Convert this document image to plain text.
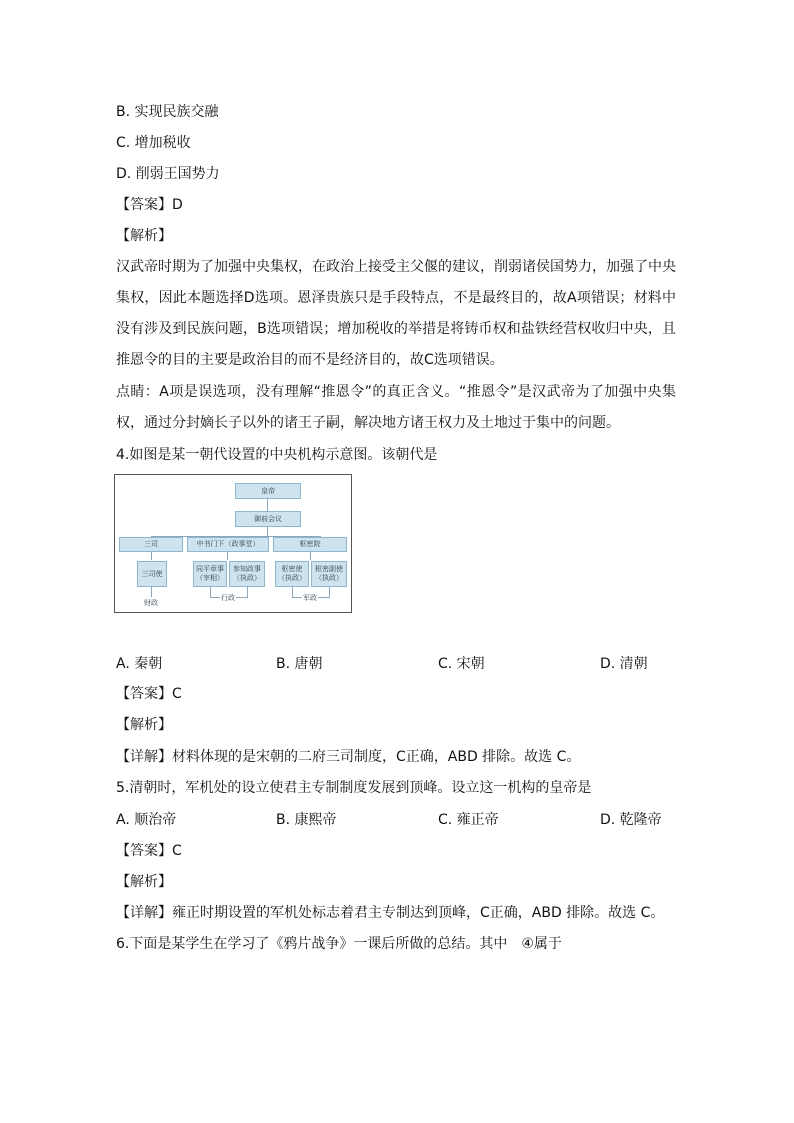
B. 实现民族交融
C. 增加税收
D. 削弱王国势力
【答案】D
【解析】
汉武帝时期为了加强中央集权，在政治上接受主父偃的建议，削弱诸侯国势力，加强了中央集权，因此本题选择D选项。恩泽贵族只是手段特点，不是最终目的，故A项错误；材料中没有涉及到民族问题，B选项错误；增加税收的举措是将铸币权和盐铁经营权收归中央，且推恩令的目的主要是政治目的而不是经济目的，故C选项错误。
点睛：A项是误选项，没有理解“推恩令”的真正含义。“推恩令”是汉武帝为了加强中央集权，通过分封嫡长子以外的诸王子嗣，解决地方诸王权力及土地过于集中的问题。
4.如图是某一朝代设置的中央机构示意图。该朝代是
皇帝
御前会议
三司	中书门下（政事堂）	枢密院
三司使
同平章事（宰相）
参知政事（执政）
枢密使（执政）
枢密副使（执政）
财政
行政	军政
A. 秦朝	B. 唐朝	C. 宋朝	D. 清朝
【答案】C
【解析】
【详解】材料体现的是宋朝的二府三司制度，C正确，ABD 排除。故选 C。
5.清朝时，军机处的设立使君主专制制度发展到顶峰。设立这一机构的皇帝是
A. 顺治帝	B. 康熙帝	C. 雍正帝	D. 乾隆帝
【答案】C
【解析】
【详解】雍正时期设置的军机处标志着君主专制达到顶峰，C正确，ABD 排除。故选 C。
6.下面是某学生在学习了《鸦片战争》一课后所做的总结。其中　④属于
